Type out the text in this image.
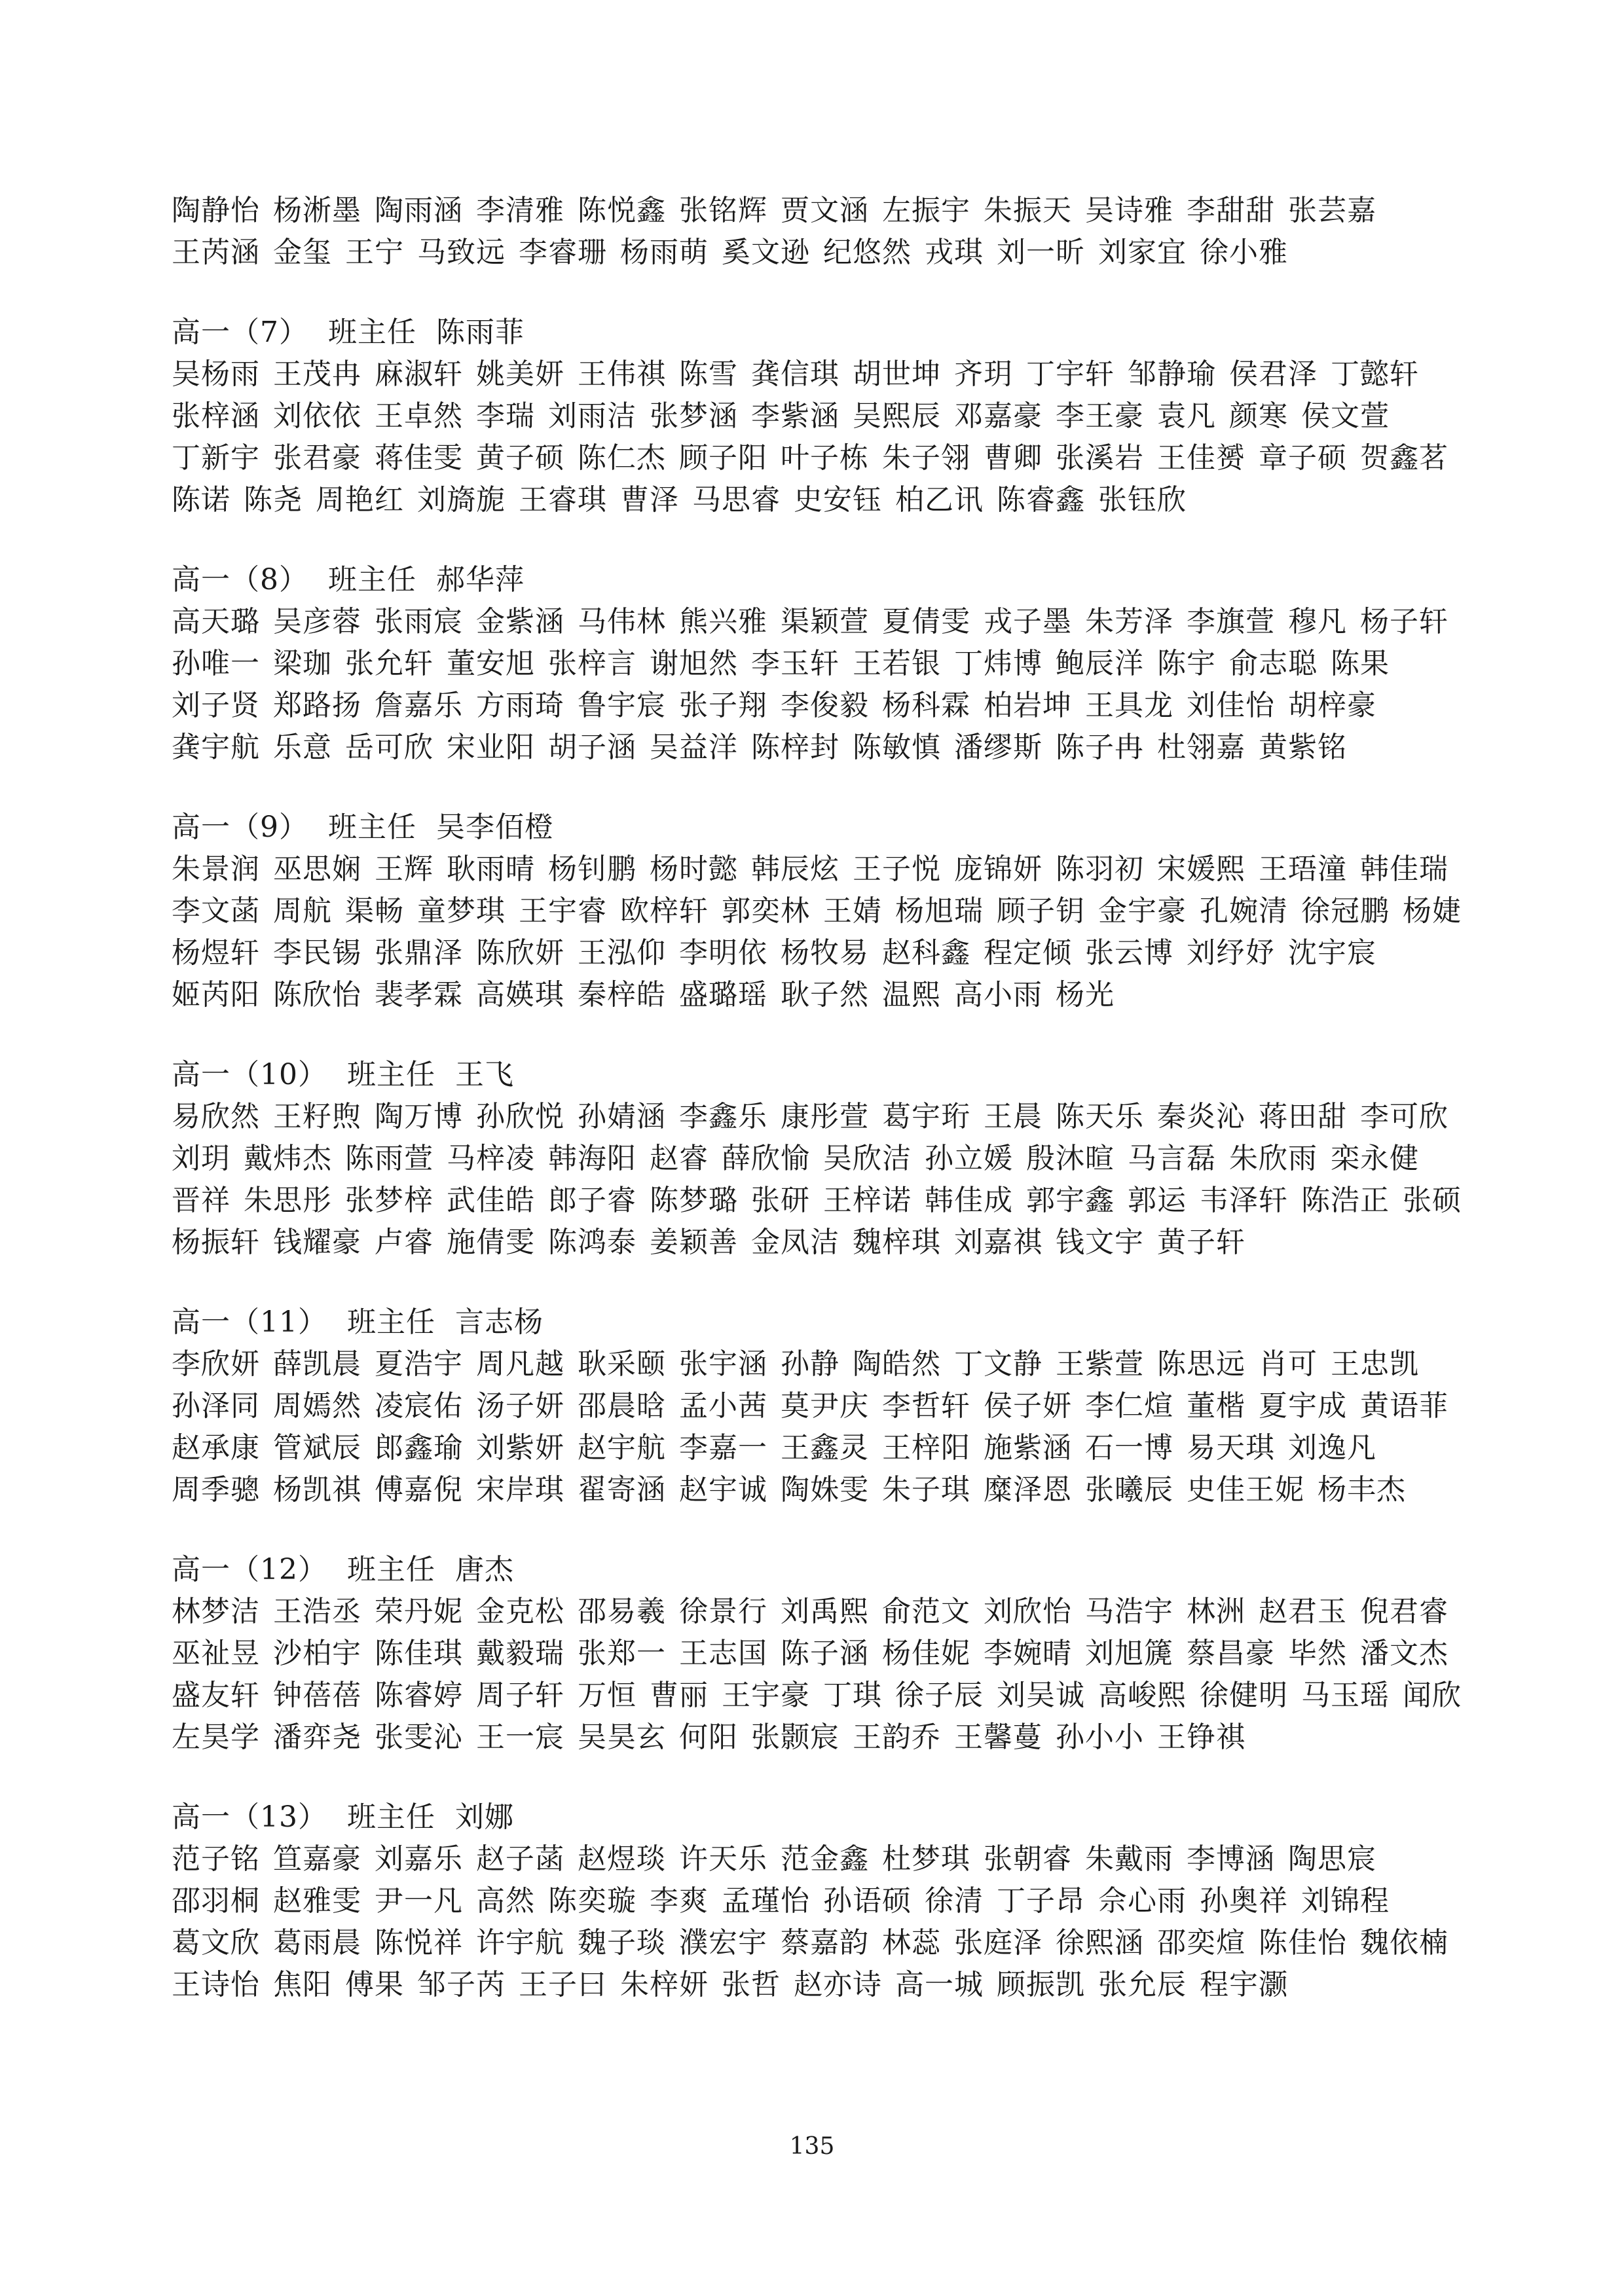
陶静怡 杨淅墨 陶雨涵 李清雅 陈悦鑫 张铭辉 贾文涵 左振宇 朱振天 吴诗雅 李甜甜 张芸嘉
王芮涵 金玺 王宁 马致远 李睿珊 杨雨萌 奚文逊 纪悠然 戎琪 刘一昕 刘家宜 徐小雅
高一（7） 班主任 陈雨菲
吴杨雨 王茂冉 麻淑轩 姚美妍 王伟祺 陈雪 龚信琪 胡世坤 齐玥 丁宇轩 邹静瑜 侯君泽 丁懿轩
张梓涵 刘依依 王卓然 李瑞 刘雨洁 张梦涵 李紫涵 吴熙辰 邓嘉豪 李王豪 袁凡 颜寒 侯文萱
丁新宇 张君豪 蒋佳雯 黄子硕 陈仁杰 顾子阳 叶子栋 朱子翎 曹卿 张溪岩 王佳赟 章子硕 贺鑫茗
陈诺 陈尧 周艳红 刘旖旎 王睿琪 曹泽 马思睿 史安钰 柏乙讯 陈睿鑫 张钰欣
高一（8） 班主任 郝华萍
高天璐 吴彦蓉 张雨宸 金紫涵 马伟林 熊兴雅 渠颖萱 夏倩雯 戎子墨 朱芳泽 李旗萱 穆凡 杨子轩
孙唯一 梁珈 张允轩 董安旭 张梓言 谢旭然 李玉轩 王若银 丁炜博 鲍辰洋 陈宇 俞志聪 陈果
刘子贤 郑路扬 詹嘉乐 方雨琦 鲁宇宸 张子翔 李俊毅 杨科霖 柏岩坤 王具龙 刘佳怡 胡梓豪
龚宇航 乐意 岳可欣 宋业阳 胡子涵 吴益洋 陈梓封 陈敏慎 潘缪斯 陈子冉 杜翎嘉 黄紫铭
高一（9） 班主任 吴李佰橙
朱景润 巫思娴 王辉 耿雨晴 杨钊鹏 杨时懿 韩辰炫 王子悦 庞锦妍 陈羽初 宋媛熙 王珸潼 韩佳瑞
李文菡 周航 渠畅 童梦琪 王宇睿 欧梓轩 郭奕林 王婧 杨旭瑞 顾子钥 金宇豪 孔婉清 徐冠鹏 杨婕
杨煜轩 李民锡 张鼎泽 陈欣妍 王泓仰 李明依 杨牧易 赵科鑫 程定倾 张云博 刘纾妤 沈宇宸
姬芮阳 陈欣怡 裴孝霖 高媖琪 秦梓皓 盛璐瑶 耿子然 温熙 高小雨 杨光
高一（10） 班主任 王飞
易欣然 王籽煦 陶万博 孙欣悦 孙婧涵 李鑫乐 康彤萱 葛宇珩 王晨 陈天乐 秦炎沁 蒋田甜 李可欣
刘玥 戴炜杰 陈雨萱 马梓凌 韩海阳 赵睿 薛欣愉 吴欣洁 孙立媛 殷沐暄 马言磊 朱欣雨 栾永健
晋祥 朱思彤 张梦梓 武佳皓 郎子睿 陈梦璐 张研 王梓诺 韩佳成 郭宇鑫 郭运 韦泽轩 陈浩正 张硕
杨振轩 钱耀豪 卢睿 施倩雯 陈鸿泰 姜颖善 金凤洁 魏梓琪 刘嘉祺 钱文宇 黄子轩
高一（11） 班主任 言志杨
李欣妍 薛凯晨 夏浩宇 周凡越 耿采颐 张宇涵 孙静 陶皓然 丁文静 王紫萱 陈思远 肖可 王忠凯
孙泽同 周嫣然 凌宸佑 汤子妍 邵晨晗 孟小茜 莫尹庆 李哲轩 侯子妍 李仁煊 董楷 夏宇成 黄语菲
赵承康 管斌辰 郎鑫瑜 刘紫妍 赵宇航 李嘉一 王鑫灵 王梓阳 施紫涵 石一博 易天琪 刘逸凡
周季骢 杨凯祺 傅嘉倪 宋岸琪 翟寄涵 赵宇诚 陶姝雯 朱子琪 糜泽恩 张曦辰 史佳王妮 杨丰杰
高一（12） 班主任 唐杰
林梦洁 王浩丞 荣丹妮 金克松 邵易羲 徐景行 刘禹熙 俞范文 刘欣怡 马浩宇 林洲 赵君玉 倪君睿
巫祉昱 沙柏宇 陈佳琪 戴毅瑞 张郑一 王志国 陈子涵 杨佳妮 李婉晴 刘旭篪 蔡昌豪 毕然 潘文杰
盛友轩 钟蓓蓓 陈睿婷 周子轩 万恒 曹丽 王宇豪 丁琪 徐子辰 刘吴诚 高峻熙 徐健明 马玉瑶 闻欣
左昊学 潘弈尧 张雯沁 王一宸 吴昊玄 何阳 张颢宸 王韵乔 王馨蔓 孙小小 王铮祺
高一（13） 班主任 刘娜
范子铭 笪嘉豪 刘嘉乐 赵子菡 赵煜琰 许天乐 范金鑫 杜梦琪 张朝睿 朱戴雨 李博涵 陶思宸
邵羽桐 赵雅雯 尹一凡 高然 陈奕璇 李爽 孟瑾怡 孙语硕 徐清 丁子昂 佘心雨 孙奥祥 刘锦程
葛文欣 葛雨晨 陈悦祥 许宇航 魏子琰 濮宏宇 蔡嘉韵 林蕊 张庭泽 徐熙涵 邵奕煊 陈佳怡 魏依楠
王诗怡 焦阳 傅果 邹子芮 王子曰 朱梓妍 张哲 赵亦诗 高一城 顾振凯 张允辰 程宇灏
135
